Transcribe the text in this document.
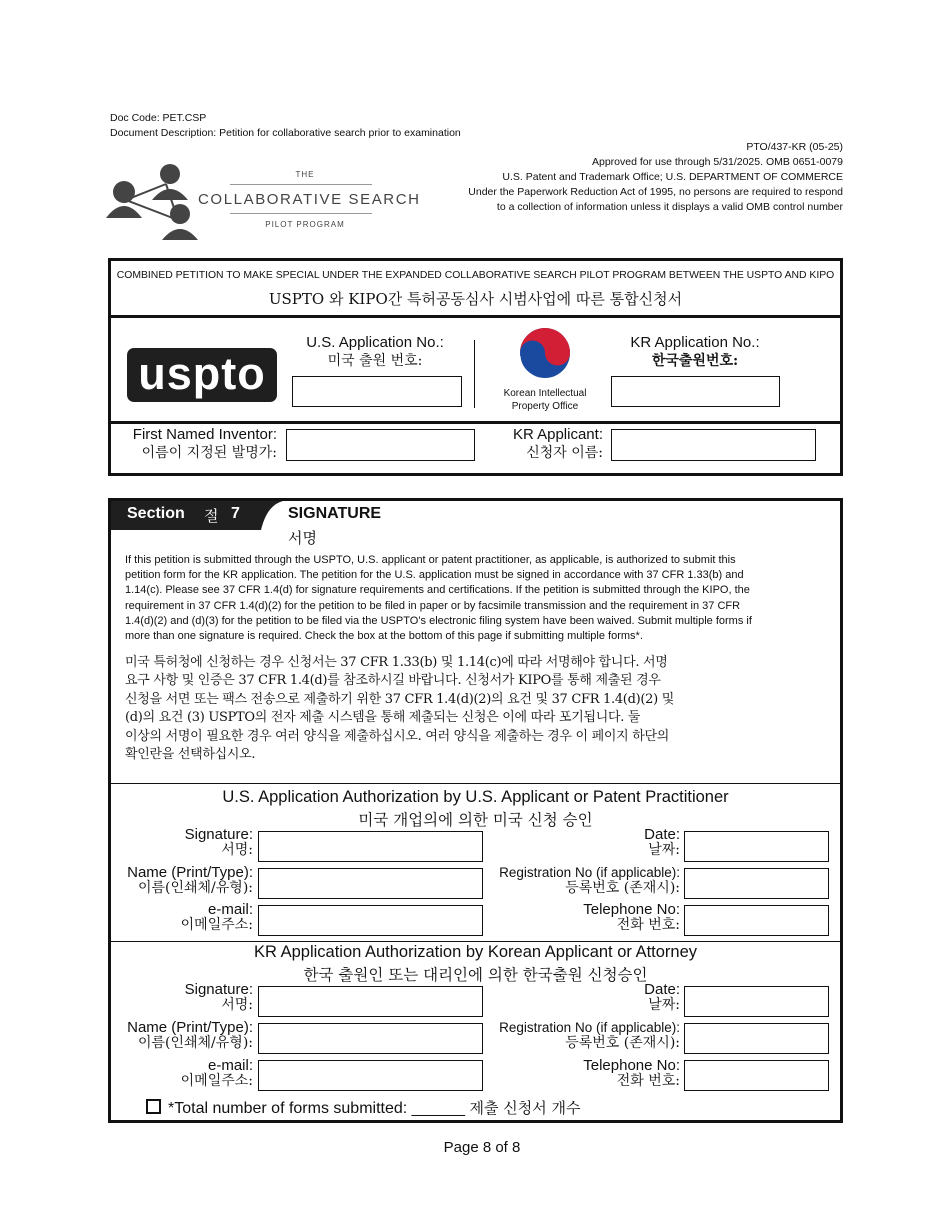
Doc Code: PET.CSP
Document Description: Petition for collaborative search prior to examination
PTO/437-KR (05-25)
Approved for use through 5/31/2025. OMB 0651-0079
U.S. Patent and Trademark Office; U.S. DEPARTMENT OF COMMERCE
Under the Paperwork Reduction Act of 1995, no persons are required to respond
to a collection of information unless it displays a valid OMB control number
THE
COLLABORATIVE SEARCH
PILOT PROGRAM
COMBINED PETITION TO MAKE SPECIAL UNDER THE EXPANDED COLLABORATIVE SEARCH PILOT PROGRAM BETWEEN THE USPTO AND KIPO
USPTO 와 KIPO간 특허공동심사 시범사업에 따른 통합신청서
uspto
U.S. Application No.:
미국 출원 번호:
Korean Intellectual
Property Office
KR Application No.:
한국출원번호:
First Named Inventor:
이름이 지정된 발명가:
KR Applicant:
신청자 이름:
Section 절 7	SIGNATURE
서명
If this petition is submitted through the USPTO, U.S. applicant or patent practitioner, as applicable, is authorized to submit this
petition form for the KR application. The petition for the U.S. application must be signed in accordance with 37 CFR 1.33(b) and
1.14(c). Please see 37 CFR 1.4(d) for signature requirements and certifications. If the petition is submitted through the KIPO, the
requirement in 37 CFR 1.4(d)(2) for the petition to be filed in paper or by facsimile transmission and the requirement in 37 CFR
1.4(d)(2) and (d)(3) for the petition to be filed via the USPTO’s electronic filing system have been waived. Submit multiple forms if
more than one signature is required. Check the box at the bottom of this page if submitting multiple forms*.
미국 특허청에 신청하는 경우 신청서는 37 CFR 1.33(b) 및 1.14(c)에 따라 서명해야 합니다. 서명
요구 사항 및 인증은 37 CFR 1.4(d)를 참조하시길 바랍니다. 신청서가 KIPO를 통해 제출된 경우
신청을 서면 또는 팩스 전송으로 제출하기 위한 37 CFR 1.4(d)(2)의 요건 및 37 CFR 1.4(d)(2) 및
(d)의 요건 (3) USPTO의 전자 제출 시스템을 통해 제출되는 신청은 이에 따라 포기됩니다. 둘
이상의 서명이 필요한 경우 여러 양식을 제출하십시오. 여러 양식을 제출하는 경우 이 페이지 하단의
확인란을 선택하십시오.
U.S. Application Authorization by U.S. Applicant or Patent Practitioner
미국 개업의에 의한 미국 신청 승인
Signature:
서명:
Date:
날짜:
Name (Print/Type):
이름(인쇄체/유형):
Registration No (if applicable):
등록번호 (존재시):
e-mail:
이메일주소:
Telephone No:
전화 번호:
KR Application Authorization by Korean Applicant or Attorney
한국 출원인 또는 대리인에 의한 한국출원 신청승인
Signature:
서명:
Date:
날짜:
Name (Print/Type):
이름(인쇄체/유형):
Registration No (if applicable):
등록번호 (존재시):
e-mail:
이메일주소:
Telephone No:
전화 번호:
*Total number of forms submitted: ______ 제출 신청서 개수
Page 8 of 8
